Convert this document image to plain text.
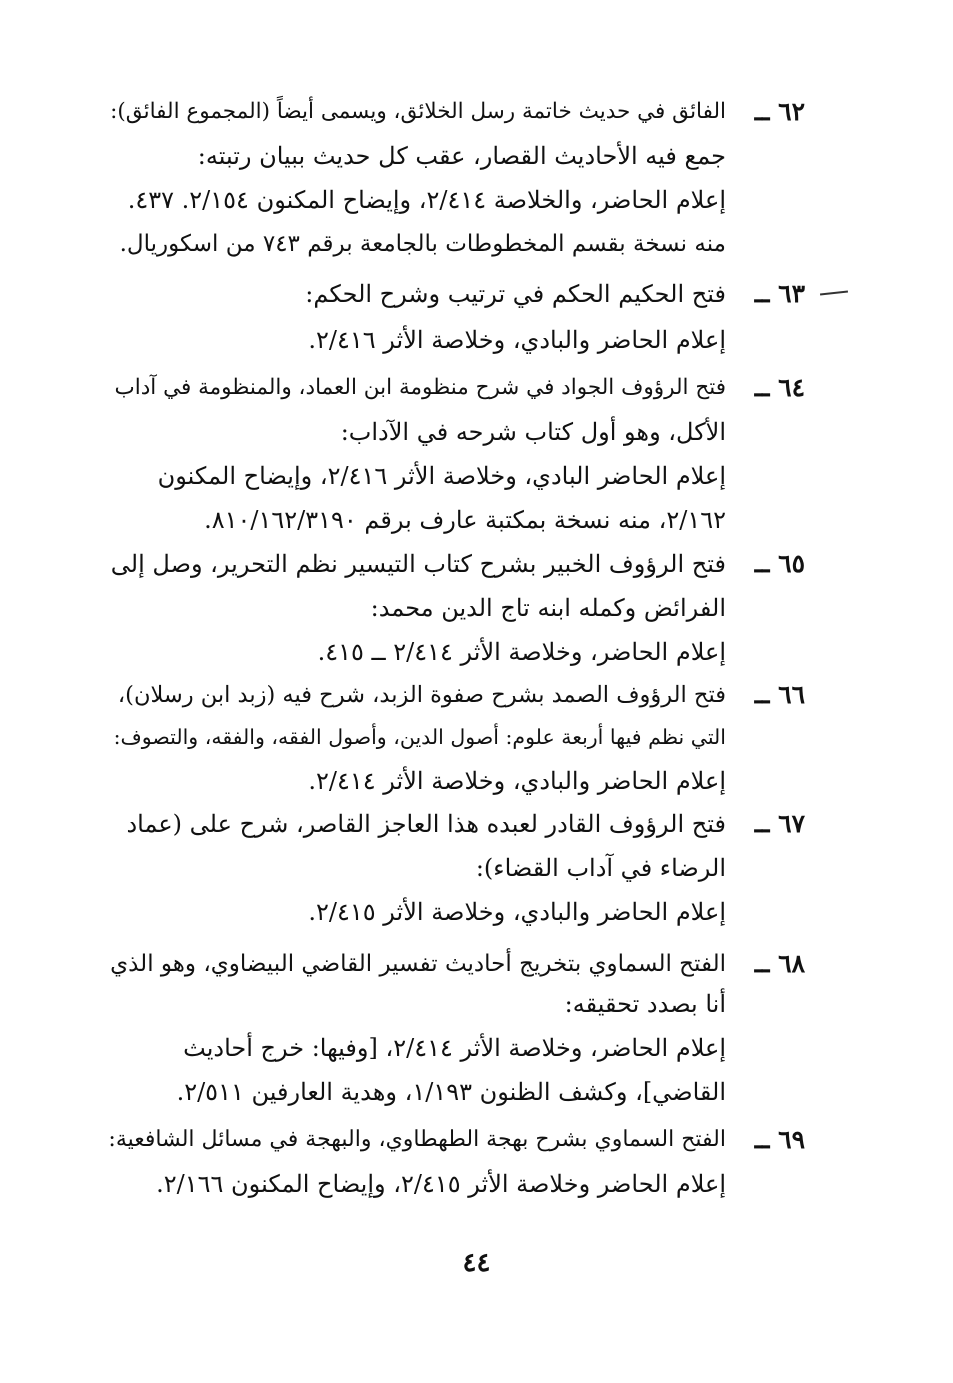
٦٢ ــ
الفائق في حديث خاتمة رسل الخلائق، ويسمى أيضاً (المجموع الفائق):
جمع فيه الأحاديث القصار، عقب كل حديث ببيان رتبته:
إعلام الحاضر، والخلاصة ٢/٤١٤، وإيضاح المكنون ٢/١٥٤. ٤٣٧.
منه نسخة بقسم المخطوطات بالجامعة برقم ٧٤٣ من اسكوريال.
٦٣ ــ
فتح الحكيم الحكم في ترتيب وشرح الحكم:
إعلام الحاضر والبادي، وخلاصة الأثر ٢/٤١٦.
٦٤ ــ
فتح الرؤوف الجواد في شرح منظومة ابن العماد، والمنظومة في آداب
الأكل، وهو أول كتاب شرحه في الآداب:
إعلام الحاضر البادي، وخلاصة الأثر ٢/٤١٦، وإيضاح المكنون
٢/١٦٢، منه نسخة بمكتبة عارف برقم ٨١٠/١٦٢/٣١٩٠.
٦٥ ــ
فتح الرؤوف الخبير بشرح كتاب التيسير نظم التحرير، وصل إلى
الفرائض وكمله ابنه تاج الدين محمد:
إعلام الحاضر، وخلاصة الأثر ٢/٤١٤ ــ ٤١٥.
٦٦ ــ
فتح الرؤوف الصمد بشرح صفوة الزبد، شرح فيه (زبد ابن رسلان)،
التي نظم فيها أربعة علوم: أصول الدين، وأصول الفقه، والفقه، والتصوف:
إعلام الحاضر والبادي، وخلاصة الأثر ٢/٤١٤.
٦٧ ــ
فتح الرؤوف القادر لعبده هذا العاجز القاصر، شرح على (عماد
الرضاء في آداب القضاء):
إعلام الحاضر والبادي، وخلاصة الأثر ٢/٤١٥.
٦٨ ــ
الفتح السماوي بتخريج أحاديث تفسير القاضي البيضاوي، وهو الذي
أنا بصدد تحقيقه:
إعلام الحاضر، وخلاصة الأثر ٢/٤١٤، [وفيها: خرج أحاديث
القاضي]، وكشف الظنون ١/١٩٣، وهدية العارفين ٢/٥١١.
٦٩ ــ
الفتح السماوي بشرح بهجة الطهطاوي، والبهجة في مسائل الشافعية:
إعلام الحاضر وخلاصة الأثر ٢/٤١٥، وإيضاح المكنون ٢/١٦٦.
٤٤
